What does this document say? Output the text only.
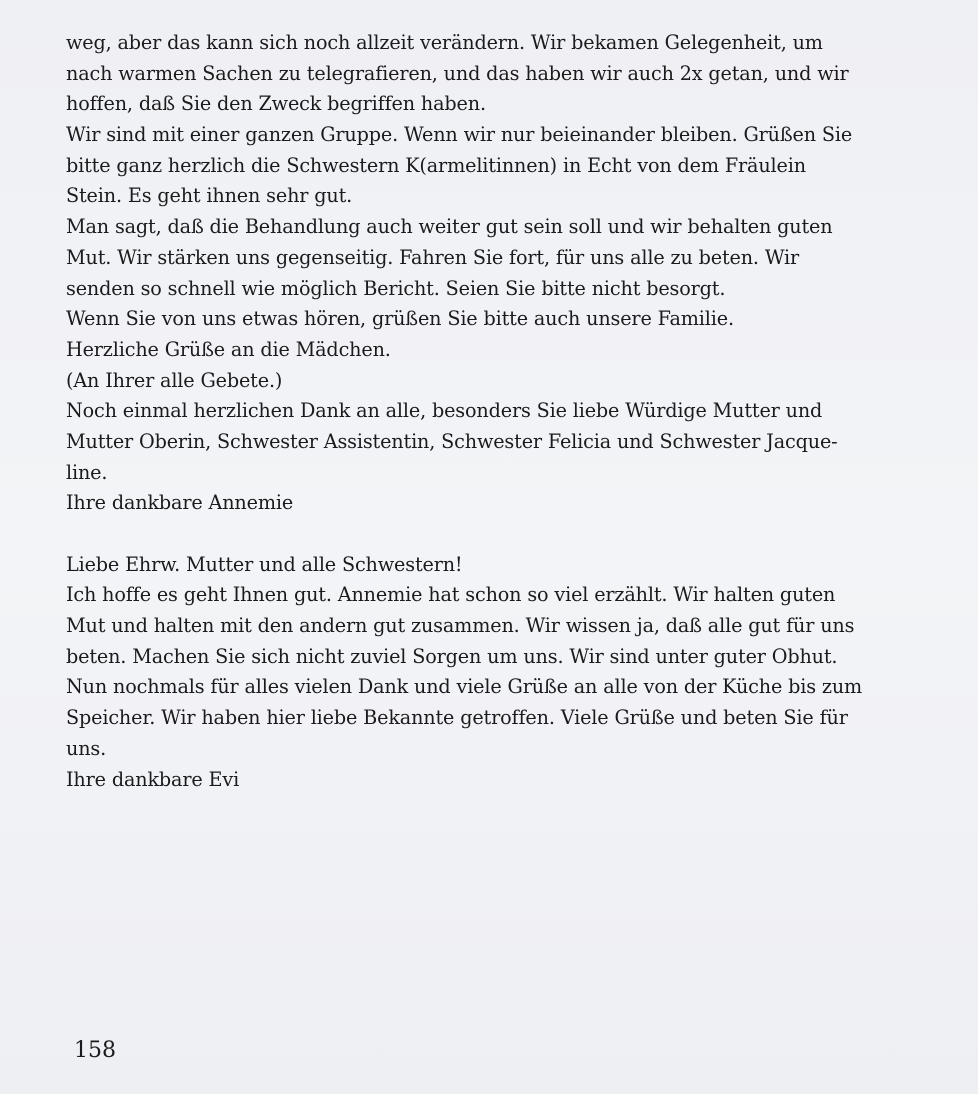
weg, aber das kann sich noch allzeit verändern. Wir bekamen Gelegenheit, um
nach warmen Sachen zu telegrafieren, und das haben wir auch 2x getan, und wir
hoffen, daß Sie den Zweck begriffen haben.
Wir sind mit einer ganzen Gruppe. Wenn wir nur beieinander bleiben. Grüßen Sie
bitte ganz herzlich die Schwestern K(armelitinnen) in Echt von dem Fräulein
Stein. Es geht ihnen sehr gut.
Man sagt, daß die Behandlung auch weiter gut sein soll und wir behalten guten
Mut. Wir stärken uns gegenseitig. Fahren Sie fort, für uns alle zu beten. Wir
senden so schnell wie möglich Bericht. Seien Sie bitte nicht besorgt.
Wenn Sie von uns etwas hören, grüßen Sie bitte auch unsere Familie.
Herzliche Grüße an die Mädchen.
(An Ihrer alle Gebete.)
Noch einmal herzlichen Dank an alle, besonders Sie liebe Würdige Mutter und
Mutter Oberin, Schwester Assistentin, Schwester Felicia und Schwester Jacque-
line.
Ihre dankbare Annemie
Liebe Ehrw. Mutter und alle Schwestern!
Ich hoffe es geht Ihnen gut. Annemie hat schon so viel erzählt. Wir halten guten
Mut und halten mit den andern gut zusammen. Wir wissen ja, daß alle gut für uns
beten. Machen Sie sich nicht zuviel Sorgen um uns. Wir sind unter guter Obhut.
Nun nochmals für alles vielen Dank und viele Grüße an alle von der Küche bis zum
Speicher. Wir haben hier liebe Bekannte getroffen. Viele Grüße und beten Sie für
uns.
Ihre dankbare Evi
158
